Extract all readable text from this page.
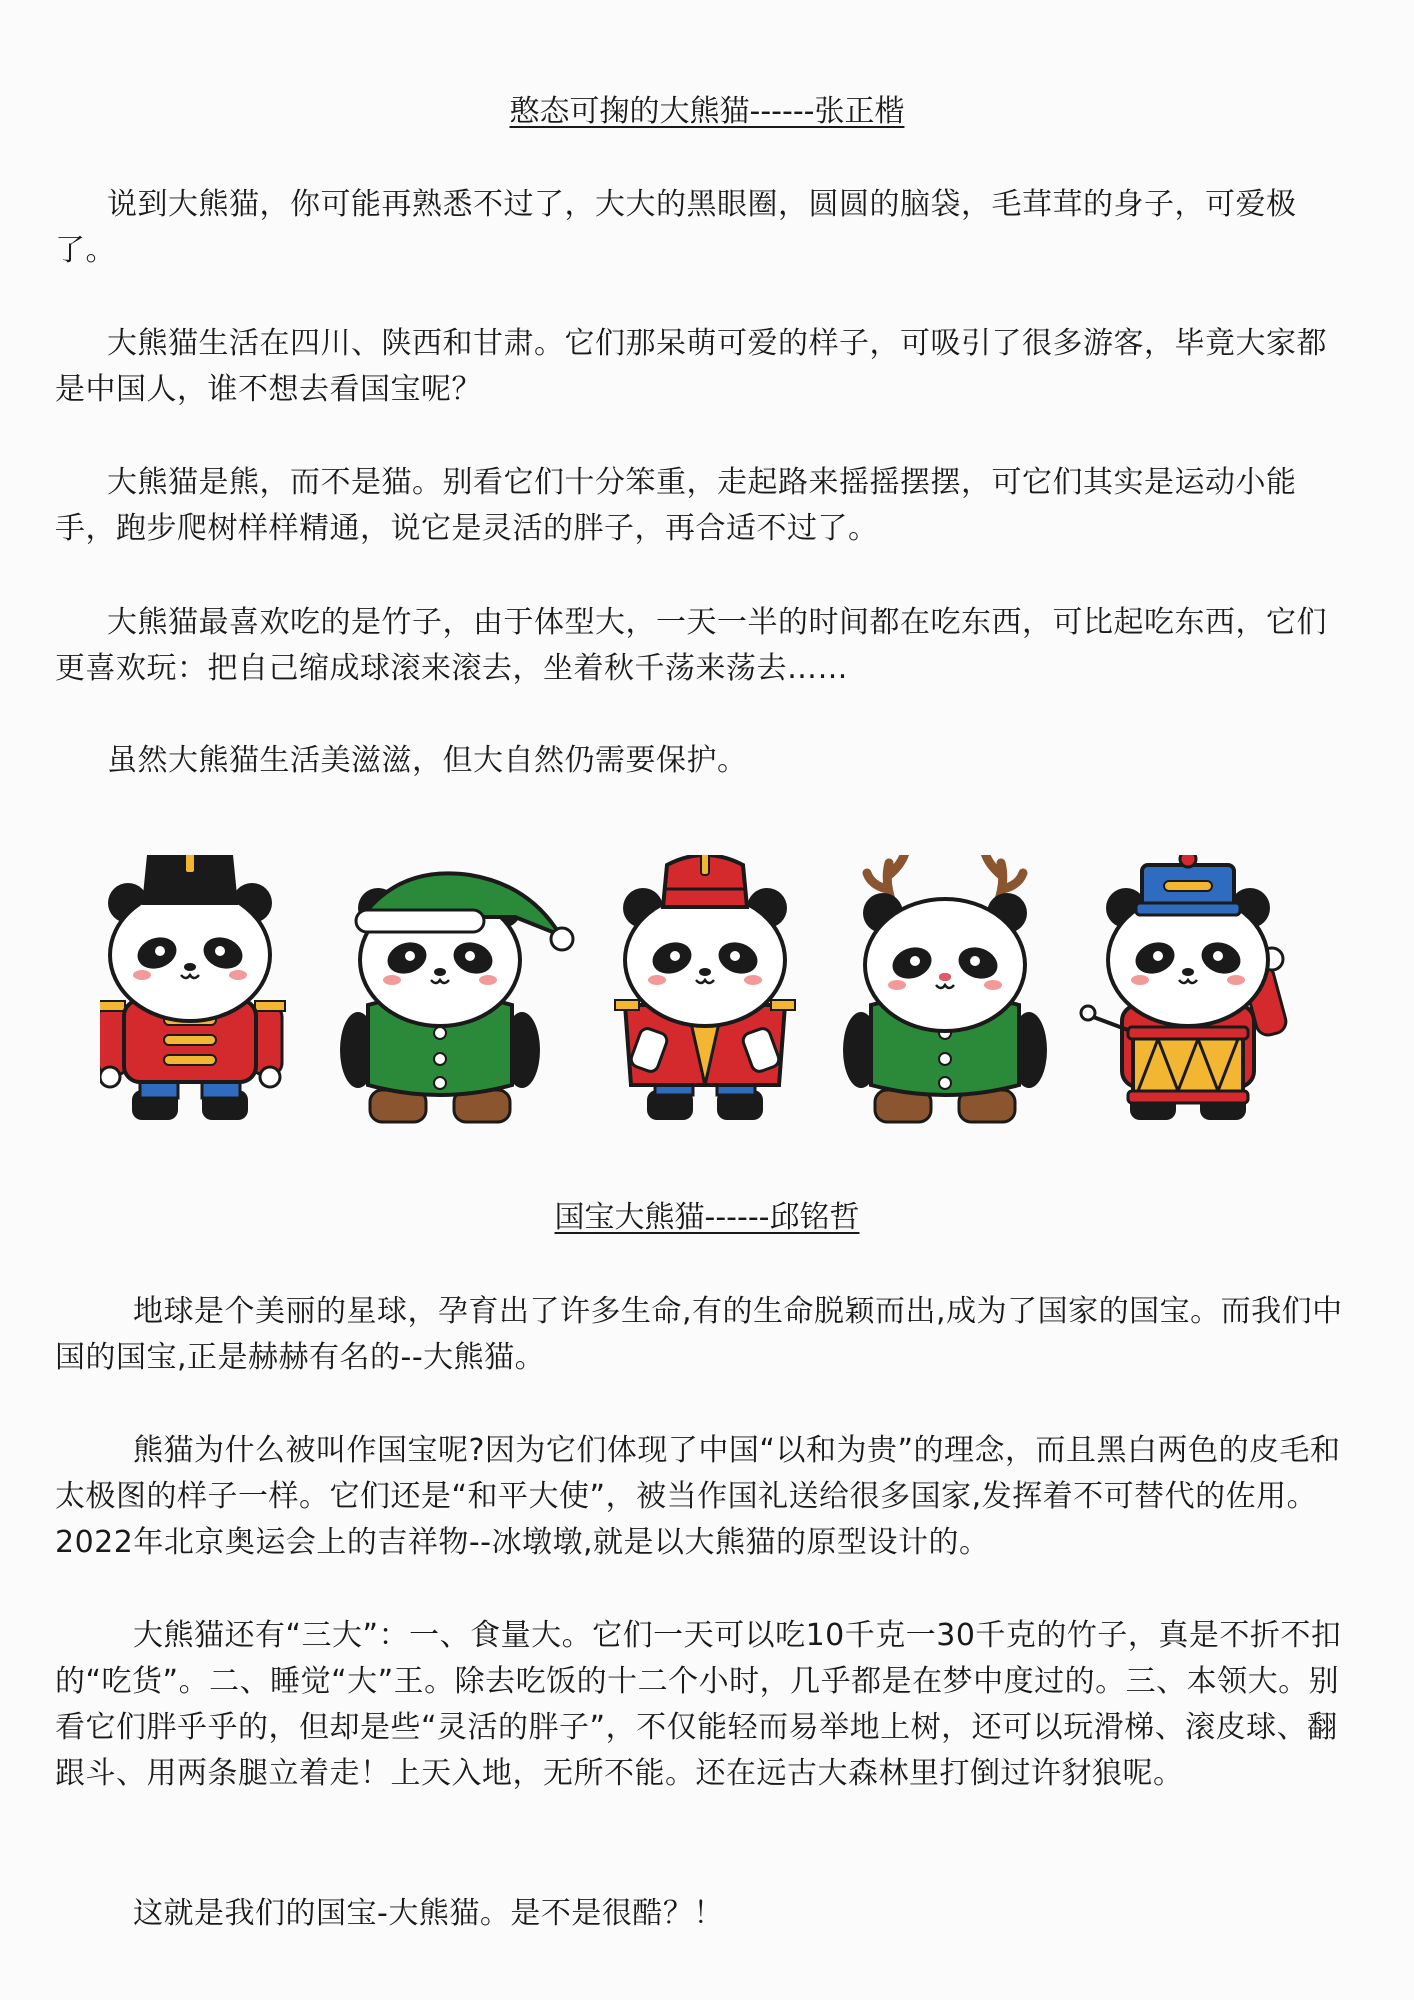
憨态可掬的大熊猫------张正楷

说到大熊猫，你可能再熟悉不过了，大大的黑眼圈，圆圆的脑袋，毛茸茸的身子，可爱极了。

大熊猫生活在四川、陕西和甘肃。它们那呆萌可爱的样子，可吸引了很多游客，毕竟大家都是中国人，谁不想去看国宝呢？

大熊猫是熊，而不是猫。别看它们十分笨重，走起路来摇摇摆摆，可它们其实是运动小能手，跑步爬树样样精通，说它是灵活的胖子，再合适不过了。

大熊猫最喜欢吃的是竹子，由于体型大，一天一半的时间都在吃东西，可比起吃东西，它们更喜欢玩：把自己缩成球滚来滚去，坐着秋千荡来荡去……

虽然大熊猫生活美滋滋，但大自然仍需要保护。

国宝大熊猫------邱铭哲

地球是个美丽的星球，孕育出了许多生命,有的生命脱颖而出,成为了国家的国宝。而我们中国的国宝,正是赫赫有名的--大熊猫。

熊猫为什么被叫作国宝呢?因为它们体现了中国“以和为贵”的理念，而且黑白两色的皮毛和太极图的样子一样。它们还是“和平大使”，被当作国礼送给很多国家,发挥着不可替代的佐用。2022年北京奥运会上的吉祥物--冰墩墩,就是以大熊猫的原型设计的。

大熊猫还有“三大”：一、食量大。它们一天可以吃10千克一30千克的竹子，真是不折不扣的“吃货”。二、睡觉“大”王。除去吃饭的十二个小时，几乎都是在梦中度过的。三、本领大。别看它们胖乎乎的，但却是些“灵活的胖子”，不仅能轻而易举地上树，还可以玩滑梯、滚皮球、翻跟斗、用两条腿立着走！上天入地，无所不能。还在远古大森林里打倒过许豺狼呢。

这就是我们的国宝-大熊猫。是不是很酷？！
